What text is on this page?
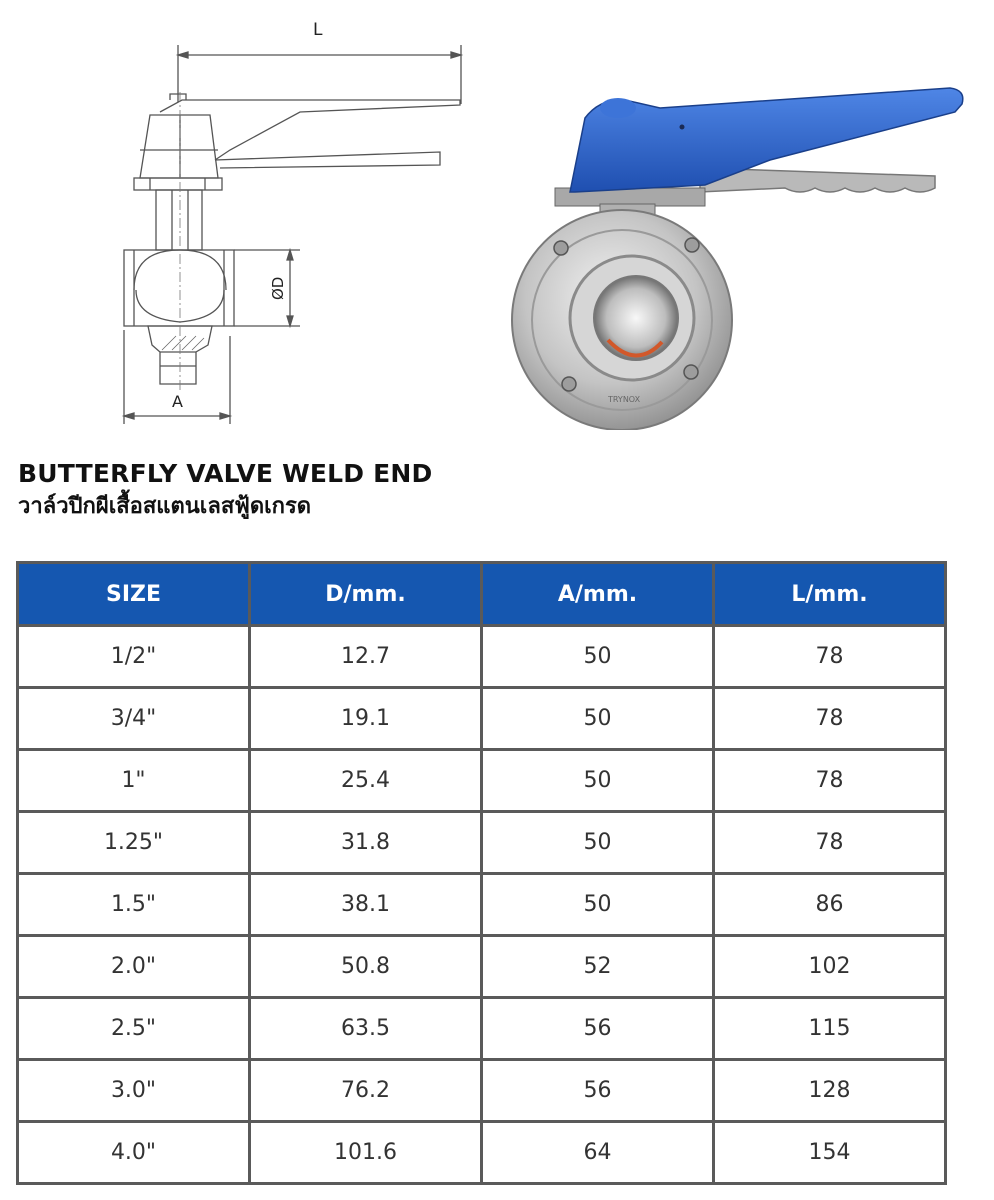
L
ØD
A	TRYNOX
BUTTERFLY VALVE WELD END
วาล์วปีกผีเสื้อสแตนเลสฟู้ดเกรด
SIZE	D/mm.	A/mm.	L/mm.
1/2"	12.7	50	78
3/4"	19.1	50	78
1"	25.4	50	78
1.25"	31.8	50	78
1.5"	38.1	50	86
2.0"	50.8	52	102
2.5"	63.5	56	115
3.0"	76.2	56	128
4.0"	101.6	64	154
